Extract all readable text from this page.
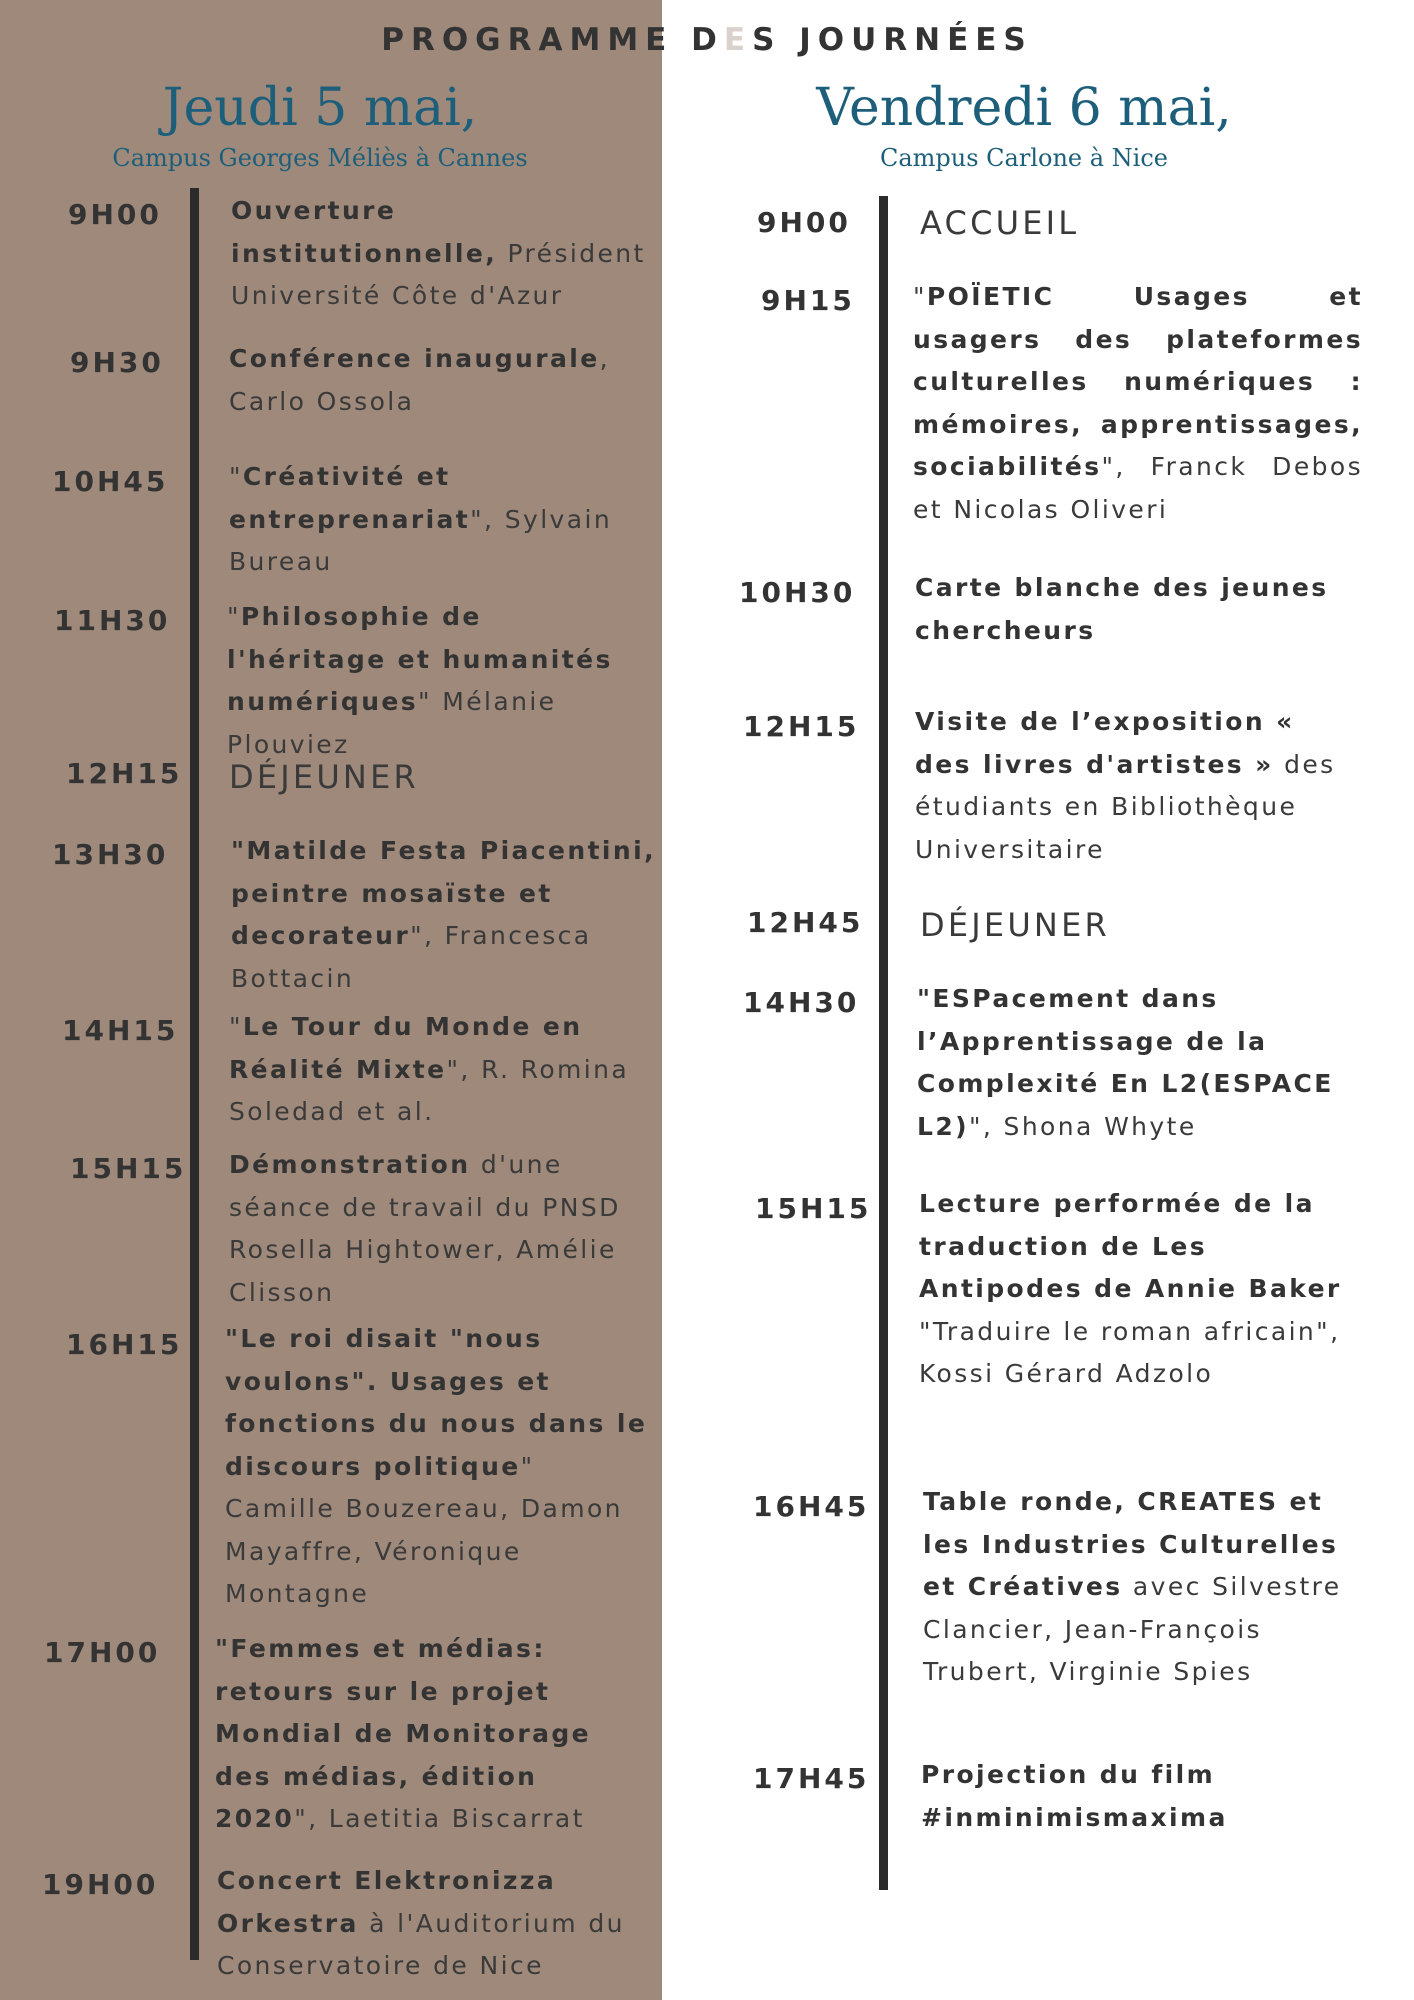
PROGRAMME DES JOURNÉES
Jeudi 5 mai,
Campus Georges Méliès à Cannes
Vendredi 6 mai,
Campus Carlone à Nice
9H00	Ouverture institutionnelle, Président Université Côte d'Azur
9H30	Conférence inaugurale, Carlo Ossola
10H45 "Créativité et entreprenariat", Sylvain Bureau
11H30 "Philosophie de l'héritage et humanités numériques" Mélanie Plouviez
12H15 DÉJEUNER
13H30	"Matilde Festa Piacentini, peintre mosaïste et decorateur", Francesca Bottacin
14H15 "Le Tour du Monde en Réalité Mixte", R. Romina Soledad et al.
15H15 Démonstration d'une séance de travail du PNSD Rosella Hightower, Amélie Clisson
16H15 "Le roi disait "nous voulons". Usages et fonctions du nous dans le discours politique" Camille Bouzereau, Damon Mayaffre, Véronique Montagne
17H00 "Femmes et médias: retours sur le projet Mondial de Monitorage des médias, édition 2020", Laetitia Biscarrat
19H00 Concert Elektronizza Orkestra à l'Auditorium du Conservatoire de Nice
9H00 ACCUEIL
9H15 "POÏETIC Usages et usagers des plateformes culturelles numériques : mémoires, apprentissages, sociabilités", Franck Debos et Nicolas Oliveri
10H30 Carte blanche des jeunes chercheurs
12H15 Visite de l’exposition « des livres d'artistes » des étudiants en Bibliothèque Universitaire
12H45 DÉJEUNER
14H30 "ESPacement dans l’Apprentissage de la Complexité En L2(ESPACE L2)", Shona Whyte
15H15 Lecture performée de la traduction de Les Antipodes de Annie Baker "Traduire le roman africain", Kossi Gérard Adzolo
16H45 Table ronde, CREATES et les Industries Culturelles et Créatives avec Silvestre Clancier, Jean-François Trubert, Virginie Spies
17H45 Projection du film #inminimismaxima
